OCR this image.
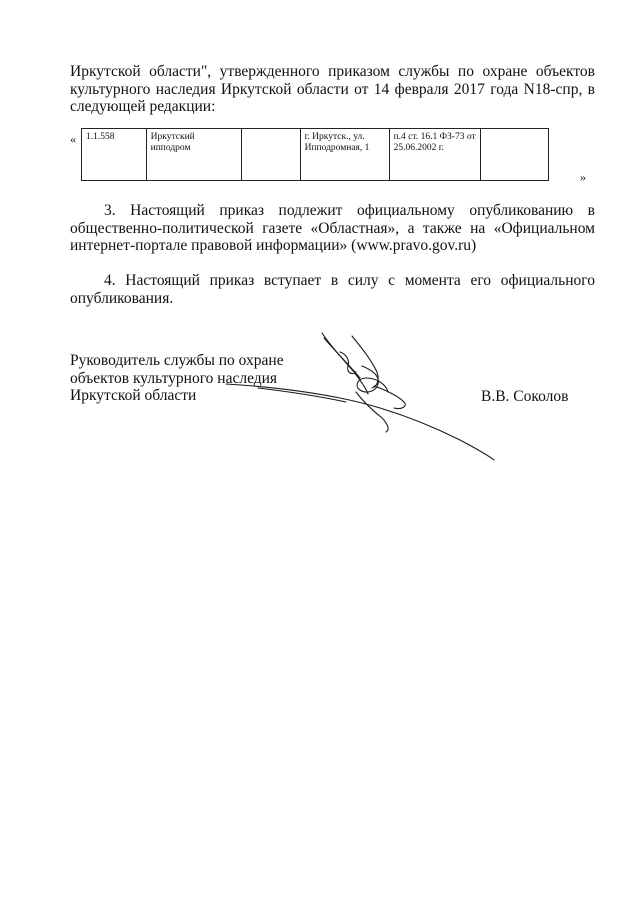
Иркутской области", утвержденного приказом службы по охране объектов культурного наследия Иркутской области от 14 февраля 2017 года N18-спр, в следующей редакции:

« 1.1.558	Иркутский ипподром		г. Иркутск., ул. Ипподромная, 1	п.4 ст. 16.1 ФЗ-73 от 25.06.2002 г.	
»

3. Настоящий приказ подлежит официальному опубликованию в общественно-политической газете «Областная», а также на «Официальном интернет-портале правовой информации» (www.pravo.gov.ru)

4. Настоящий приказ вступает в силу с момента его официального опубликования.

Руководитель службы по охране
объектов культурного наследия
Иркутской области	В.В. Соколов
